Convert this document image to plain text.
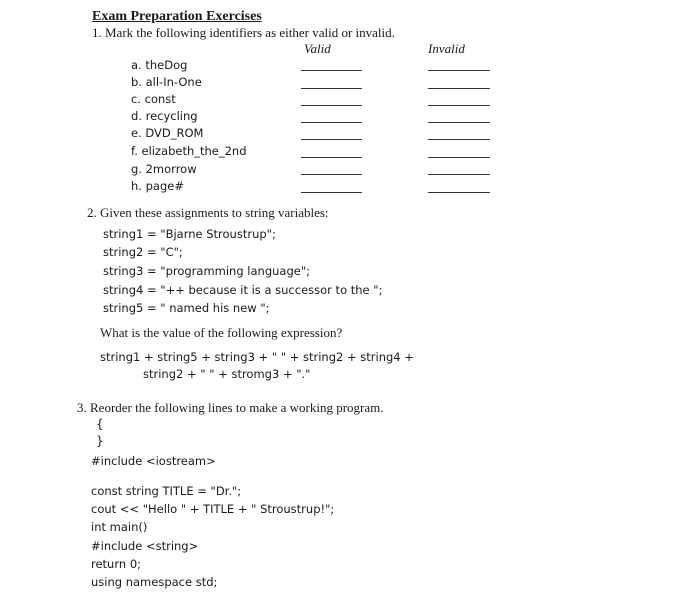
Exam Preparation Exercises
1. Mark the following identifiers as either valid or invalid.
Valid	Invalid
a. theDog
b. all-In-One
c. const
d. recycling
e. DVD_ROM
f. elizabeth_the_2nd
g. 2morrow
h. page#
2. Given these assignments to string variables:
string1 = "Bjarne Stroustrup";
string2 = "C";
string3 = "programming language";
string4 = "++ because it is a successor to the ";
string5 = " named his new ";
What is the value of the following expression?
string1 + string5 + string3 + " " + string2 + string4 +
string2 + " " + stromg3 + "."
3. Reorder the following lines to make a working program.
{
}
#include <iostream>
const string TITLE = "Dr.";
cout << "Hello " + TITLE + " Stroustrup!";
int main()
#include <string>
return 0;
using namespace std;
